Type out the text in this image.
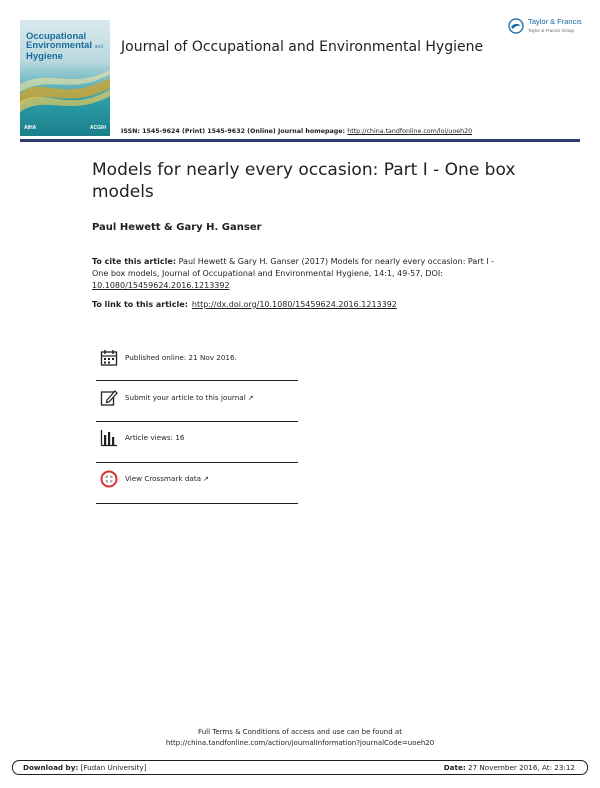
Occupational
Environmental and
Hygiene
AIHA	ACGIH
Taylor & Francis
Taylor & Francis Group
Journal of Occupational and Environmental Hygiene
ISSN: 1545-9624 (Print) 1545-9632 (Online) Journal homepage: http://china.tandfonline.com/loi/uoeh20
Models for nearly every occasion: Part I - One box models
Paul Hewett & Gary H. Ganser
To cite this article: Paul Hewett & Gary H. Ganser (2017) Models for nearly every occasion: Part I - One box models, Journal of Occupational and Environmental Hygiene, 14:1, 49-57, DOI: 10.1080/15459624.2016.1213392
To link to this article: http://dx.doi.org/10.1080/15459624.2016.1213392
Published online: 21 Nov 2016.
Submit your article to this journal ↗
Article views: 16
View Crossmark data ↗
Full Terms & Conditions of access and use can be found at
http://china.tandfonline.com/action/journalInformation?journalCode=uoeh20
Download by: [Fudan University]	Date: 27 November 2016, At: 23:12
